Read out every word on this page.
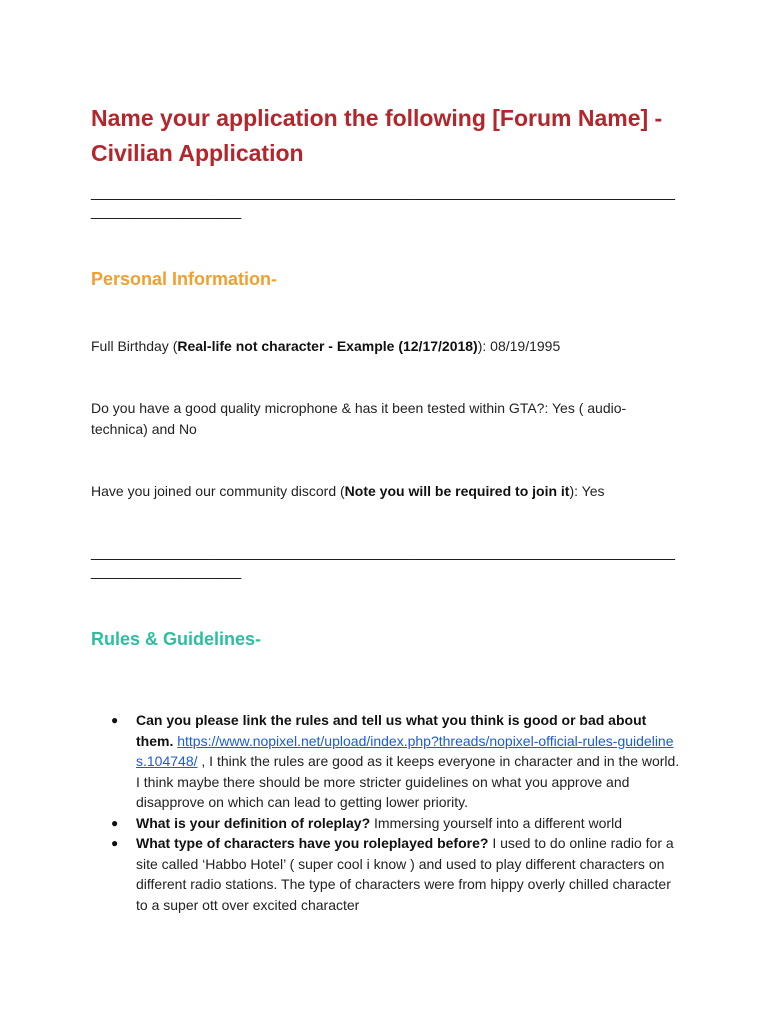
Name your application the following [Forum Name] - Civilian Application

________________________________________________________________________________________

Personal Information-

Full Birthday (Real-life not character - Example (12/17/2018)): 08/19/1995

Do you have a good quality microphone & has it been tested within GTA?: Yes ( audio-technica) and No

Have you joined our community discord (Note you will be required to join it): Yes

________________________________________________________________________________________

Rules & Guidelines-
● Can you please link the rules and tell us what you think is good or bad about them. https://www.nopixel.net/upload/index.php?threads/nopixel-official-rules-guidelines.104748/ , I think the rules are good as it keeps everyone in character and in the world. I think maybe there should be more stricter guidelines on what you approve and disapprove on which can lead to getting lower priority.
● What is your definition of roleplay? Immersing yourself into a different world
● What type of characters have you roleplayed before? I used to do online radio for a site called ‘Habbo Hotel’ ( super cool i know ) and used to play different characters on different radio stations. The type of characters were from hippy overly chilled character to a super ott over excited character
